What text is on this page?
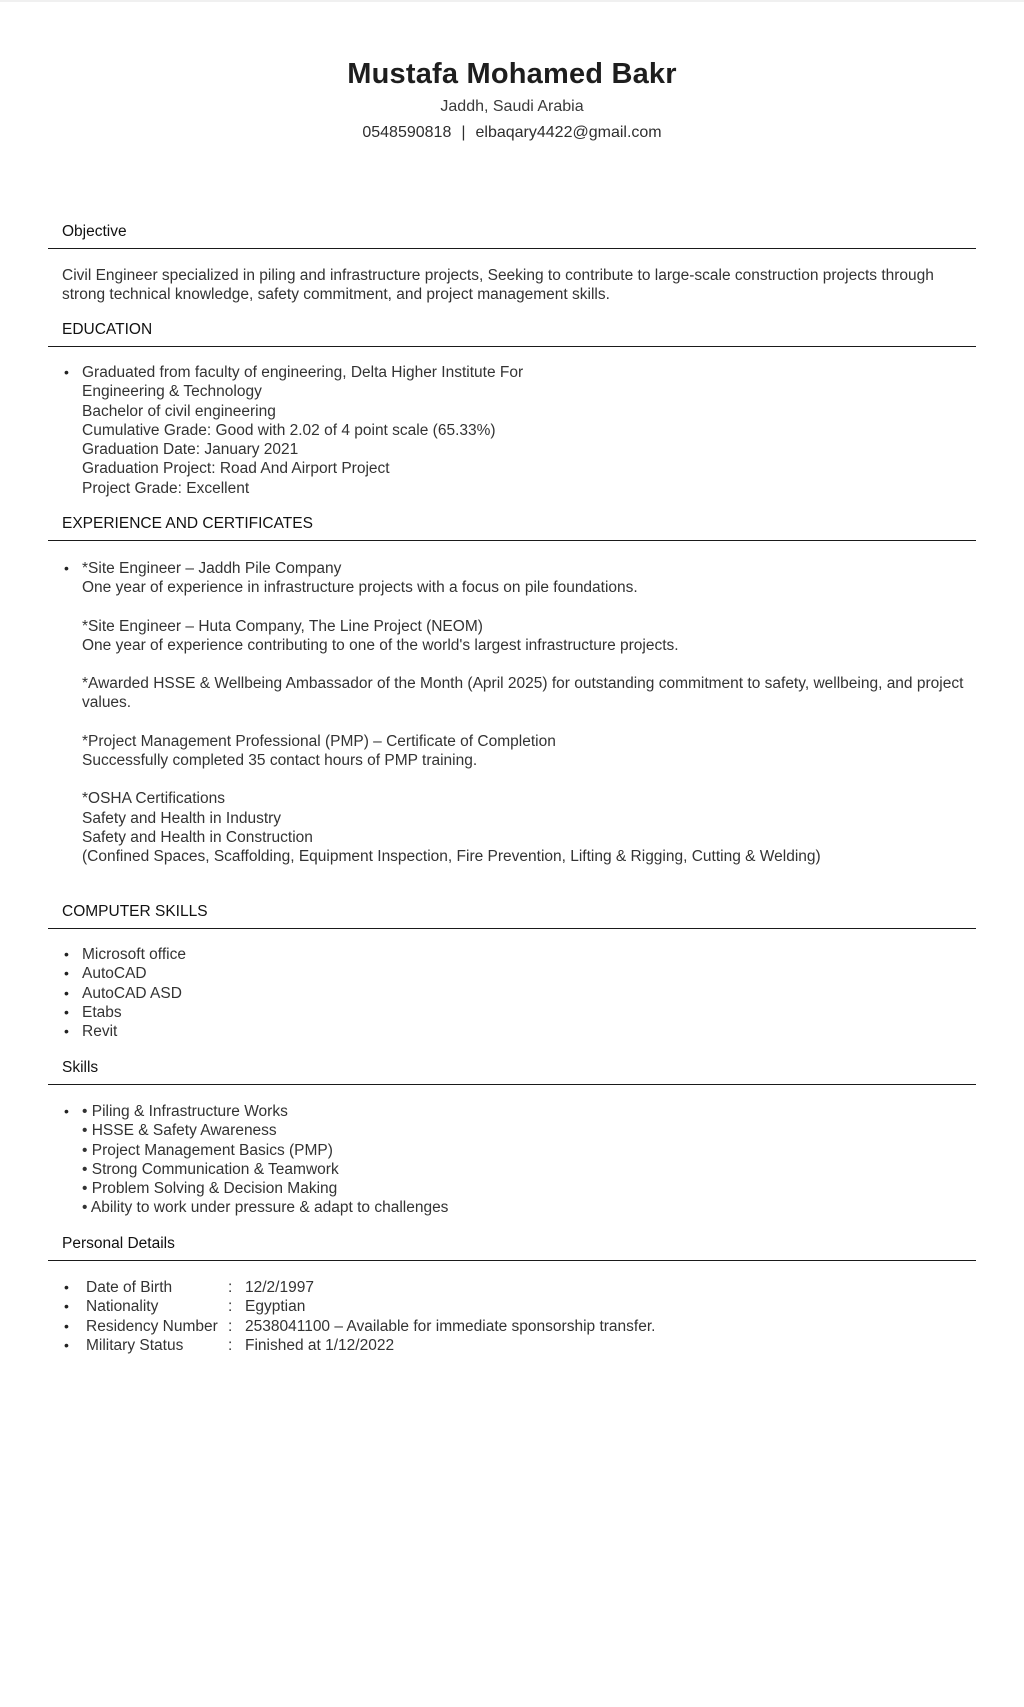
Mustafa Mohamed Bakr
Jaddh, Saudi Arabia
0548590818 | elbaqary4422@gmail.com
Objective
Civil Engineer specialized in piling and infrastructure projects, Seeking to contribute to large-scale construction projects through strong technical knowledge, safety commitment, and project management skills.
EDUCATION
• Graduated from faculty of engineering, Delta Higher Institute For
Engineering & Technology
Bachelor of civil engineering
Cumulative Grade: Good with 2.02 of 4 point scale (65.33%)
Graduation Date: January 2021
Graduation Project: Road And Airport Project
Project Grade: Excellent
EXPERIENCE AND CERTIFICATES
• *Site Engineer – Jaddh Pile Company
One year of experience in infrastructure projects with a focus on pile foundations.
*Site Engineer – Huta Company, The Line Project (NEOM)
One year of experience contributing to one of the world's largest infrastructure projects.
*Awarded HSSE & Wellbeing Ambassador of the Month (April 2025) for outstanding commitment to safety, wellbeing, and project values.
*Project Management Professional (PMP) – Certificate of Completion
Successfully completed 35 contact hours of PMP training.
*OSHA Certifications
Safety and Health in Industry
Safety and Health in Construction
(Confined Spaces, Scaffolding, Equipment Inspection, Fire Prevention, Lifting & Rigging, Cutting & Welding)
COMPUTER SKILLS
• Microsoft office
• AutoCAD
• AutoCAD ASD
• Etabs
• Revit
Skills
• • Piling & Infrastructure Works
• HSSE & Safety Awareness
• Project Management Basics (PMP)
• Strong Communication & Teamwork
• Problem Solving & Decision Making
• Ability to work under pressure & adapt to challenges
Personal Details
• Date of Birth	: 12/2/1997
• Nationality	: Egyptian
• Residency Number : 2538041100 – Available for immediate sponsorship transfer.
• Military Status	: Finished at 1/12/2022
